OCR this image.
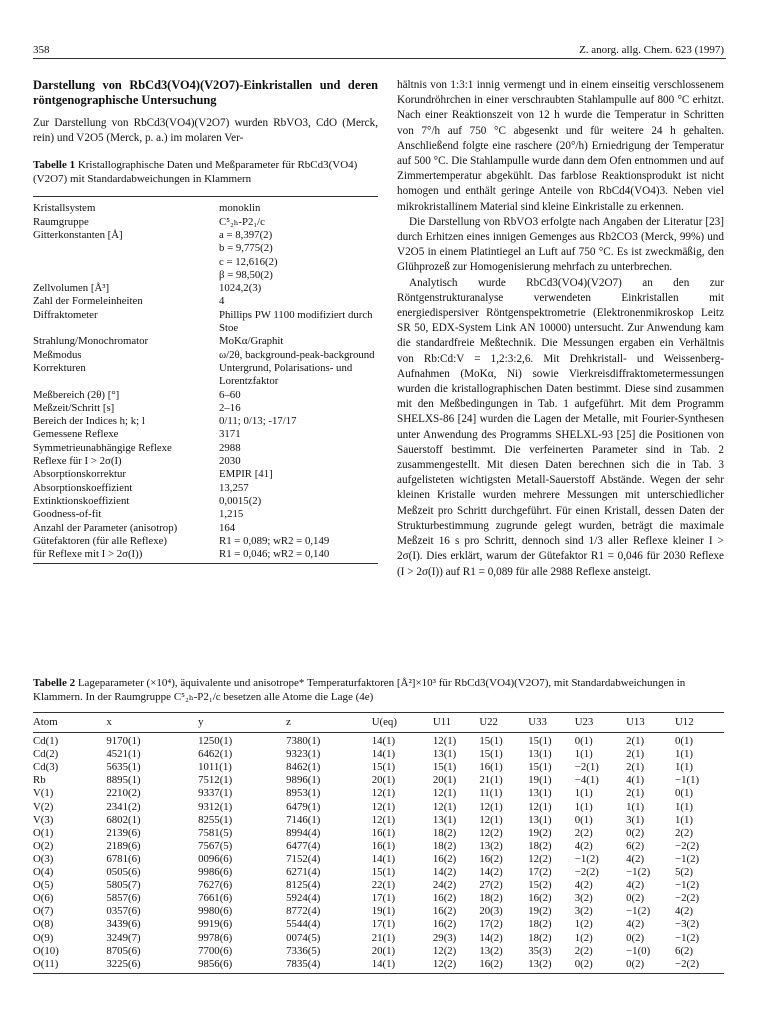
358	Z. anorg. allg. Chem. 623 (1997)
Darstellung von RbCd3(VO4)(V2O7)-Einkristallen und deren röntgenographische Untersuchung

Zur Darstellung von RbCd3(VO4)(V2O7) wurden RbVO3, CdO (Merck, rein) und V2O5 (Merck, p. a.) im molaren Ver-

Tabelle 1 Kristallographische Daten und Meßparameter für RbCd3(VO4)(V2O7) mit Standardabweichungen in Klammern
Kristallsystem	monoklin
Raumgruppe	C⁵₂ₕ-P2₁/c
Gitterkonstanten [Å]	a = 8,397(2)
	b = 9,775(2)
	c = 12,616(2)
	β = 98,50(2)
Zellvolumen [Å³]	1024,2(3)
Zahl der Formeleinheiten	4
Diffraktometer	Phillips PW 1100 modifiziert durch Stoe
Strahlung/Monochromator	MoKα/Graphit
Meßmodus	ω/2θ, background-peak-background
Korrekturen	Untergrund, Polarisations- und Lorentzfaktor
Meßbereich (2θ) [°]	6–60
Meßzeit/Schritt [s]	2–16
Bereich der Indices h; k; l	0/11; 0/13; -17/17
Gemessene Reflexe	3171
Symmetrieunabhängige Reflexe	2988
Reflexe für I > 2σ(I)	2030
Absorptionskorrektur	EMPIR [41]
Absorptionskoeffizient	13,257
Extinktionskoeffizient	0,0015(2)
Goodness-of-fit	1,215
Anzahl der Parameter (anisotrop)	164
Gütefaktoren (für alle Reflexe)	R1 = 0,089; wR2 = 0,149
für Reflexe mit I > 2σ(I))	R1 = 0,046; wR2 = 0,140

hältnis von 1:3:1 innig vermengt und in einem einseitig verschlossenem Korundröhrchen in einer verschraubten Stahlampulle auf 800 °C erhitzt. Nach einer Reaktionszeit von 12 h wurde die Temperatur in Schritten von 7°/h auf 750 °C abgesenkt und für weitere 24 h gehalten. Anschließend folgte eine raschere (20°/h) Erniedrigung der Temperatur auf 500 °C. Die Stahlampulle wurde dann dem Ofen entnommen und auf Zimmertemperatur abgekühlt. Das farblose Reaktionsprodukt ist nicht homogen und enthält geringe Anteile von RbCd4(VO4)3. Neben viel mikrokristallinem Material sind kleine Einkristalle zu erkennen.

Die Darstellung von RbVO3 erfolgte nach Angaben der Literatur [23] durch Erhitzen eines innigen Gemenges aus Rb2CO3 (Merck, 99%) und V2O5 in einem Platintiegel an Luft auf 750 °C. Es ist zweckmäßig, den Glühprozeß zur Homogenisierung mehrfach zu unterbrechen.

Analytisch wurde RbCd3(VO4)(V2O7) an den zur Röntgenstrukturanalyse verwendeten Einkristallen mit energiedispersiver Röntgenspektrometrie (Elektronenmikroskop Leitz SR 50, EDX-System Link AN 10000) untersucht. Zur Anwendung kam die standardfreie Meßtechnik. Die Messungen ergaben ein Verhältnis von Rb:Cd:V = 1,2:3:2,6. Mit Drehkristall- und Weissenberg-Aufnahmen (MoKα, Ni) sowie Vierkreisdiffraktometermessungen wurden die kristallographischen Daten bestimmt. Diese sind zusammen mit den Meßbedingungen in Tab. 1 aufgeführt. Mit dem Programm SHELXS-86 [24] wurden die Lagen der Metalle, mit Fourier-Synthesen unter Anwendung des Programms SHELXL-93 [25] die Positionen von Sauerstoff bestimmt. Die verfeinerten Parameter sind in Tab. 2 zusammengestellt. Mit diesen Daten berechnen sich die in Tab. 3 aufgelisteten wichtigsten Metall-Sauerstoff Abstände. Wegen der sehr kleinen Kristalle wurden mehrere Messungen mit unterschiedlicher Meßzeit pro Schritt durchgeführt. Für einen Kristall, dessen Daten der Strukturbestimmung zugrunde gelegt wurden, beträgt die maximale Meßzeit 16 s pro Schritt, dennoch sind 1/3 aller Reflexe kleiner I > 2σ(I). Dies erklärt, warum der Gütefaktor R1 = 0,046 für 2030 Reflexe (I > 2σ(I)) auf R1 = 0,089 für alle 2988 Reflexe ansteigt.

Tabelle 2 Lageparameter (×10⁴), äquivalente und anisotrope* Temperaturfaktoren [Å²]×10³ für RbCd3(VO4)(V2O7), mit Standardabweichungen in Klammern. In der Raumgruppe C⁵₂ₕ-P2₁/c besetzen alle Atome die Lage (4e)
Atom	x	y	z	U(eq)	U11	U22	U33	U23	U13	U12
Cd(1)	9170(1)	1250(1)	7380(1)	14(1)	12(1)	15(1)	15(1)	0(1)	2(1)	0(1)
Cd(2)	4521(1)	6462(1)	9323(1)	14(1)	13(1)	15(1)	13(1)	1(1)	2(1)	1(1)
Cd(3)	5635(1)	1011(1)	8462(1)	15(1)	15(1)	16(1)	15(1)	−2(1)	2(1)	1(1)
Rb	8895(1)	7512(1)	9896(1)	20(1)	20(1)	21(1)	19(1)	−4(1)	4(1)	−1(1)
V(1)	2210(2)	9337(1)	8953(1)	12(1)	12(1)	11(1)	13(1)	1(1)	2(1)	0(1)
V(2)	2341(2)	9312(1)	6479(1)	12(1)	12(1)	12(1)	12(1)	1(1)	1(1)	1(1)
V(3)	6802(1)	8255(1)	7146(1)	12(1)	13(1)	12(1)	13(1)	0(1)	3(1)	1(1)
O(1)	2139(6)	7581(5)	8994(4)	16(1)	18(2)	12(2)	19(2)	2(2)	0(2)	2(2)
O(2)	2189(6)	7567(5)	6477(4)	16(1)	18(2)	13(2)	18(2)	4(2)	6(2)	−2(2)
O(3)	6781(6)	0096(6)	7152(4)	14(1)	16(2)	16(2)	12(2)	−1(2)	4(2)	−1(2)
O(4)	0505(6)	9986(6)	6271(4)	15(1)	14(2)	14(2)	17(2)	−2(2)	−1(2)	5(2)
O(5)	5805(7)	7627(6)	8125(4)	22(1)	24(2)	27(2)	15(2)	4(2)	4(2)	−1(2)
O(6)	5857(6)	7661(6)	5924(4)	17(1)	16(2)	18(2)	16(2)	3(2)	0(2)	−2(2)
O(7)	0357(6)	9980(6)	8772(4)	19(1)	16(2)	20(3)	19(2)	3(2)	−1(2)	4(2)
O(8)	3439(6)	9919(6)	5544(4)	17(1)	16(2)	17(2)	18(2)	1(2)	4(2)	−3(2)
O(9)	3249(7)	9978(6)	0074(5)	21(1)	29(3)	14(2)	18(2)	1(2)	0(2)	−1(2)
O(10)	8705(6)	7700(6)	7336(5)	20(1)	12(2)	13(2)	35(3)	2(2)	−1(0)	6(2)
O(11)	3225(6)	9856(6)	7835(4)	14(1)	12(2)	16(2)	13(2)	0(2)	0(2)	−2(2)
